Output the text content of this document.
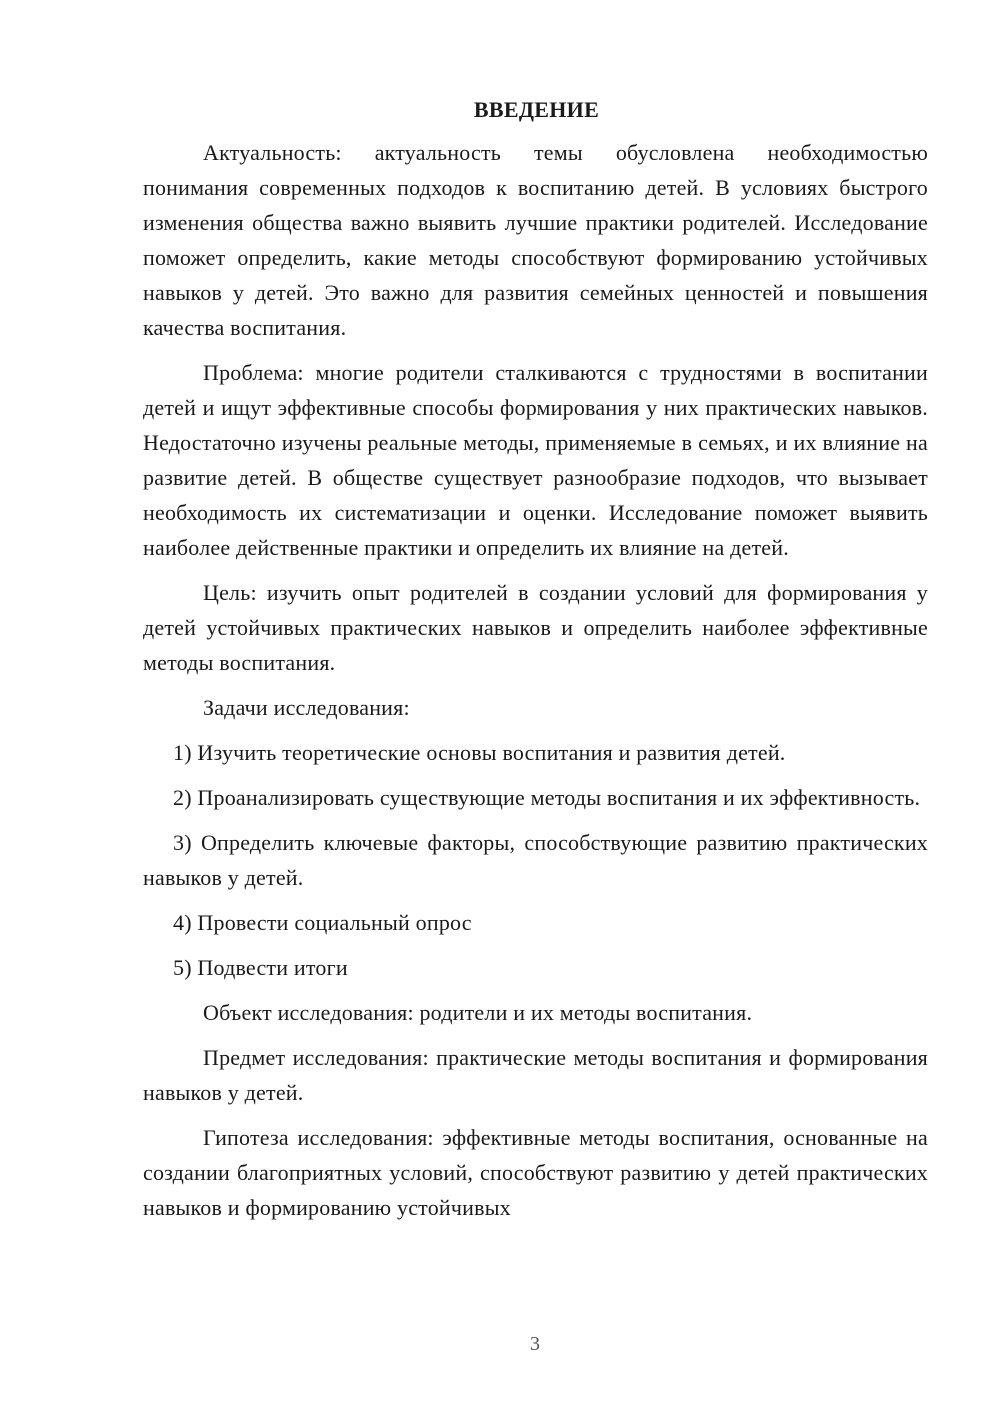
ВВЕДЕНИЕ

Актуальность: актуальность темы обусловлена необходимостью понимания современных подходов к воспитанию детей. В условиях быстрого изменения общества важно выявить лучшие практики родителей. Исследование поможет определить, какие методы способствуют формированию устойчивых навыков у детей. Это важно для развития семейных ценностей и повышения качества воспитания.

Проблема: многие родители сталкиваются с трудностями в воспитании детей и ищут эффективные способы формирования у них практических навыков. Недостаточно изучены реальные методы, применяемые в семьях, и их влияние на развитие детей. В обществе существует разнообразие подходов, что вызывает необходимость их систематизации и оценки. Исследование поможет выявить наиболее действенные практики и определить их влияние на детей.

Цель: изучить опыт родителей в создании условий для формирования у детей устойчивых практических навыков и определить наиболее эффективные методы воспитания.

Задачи исследования:

1) Изучить теоретические основы воспитания и развития детей.

2) Проанализировать существующие методы воспитания и их эффективность.

3) Определить ключевые факторы, способствующие развитию практических навыков у детей.

4) Провести социальный опрос

5) Подвести итоги

Объект исследования: родители и их методы воспитания.

Предмет исследования: практические методы воспитания и формирования навыков у детей.

Гипотеза исследования: эффективные методы воспитания, основанные на создании благоприятных условий, способствуют развитию у детей практических навыков и формированию устойчивых

3
